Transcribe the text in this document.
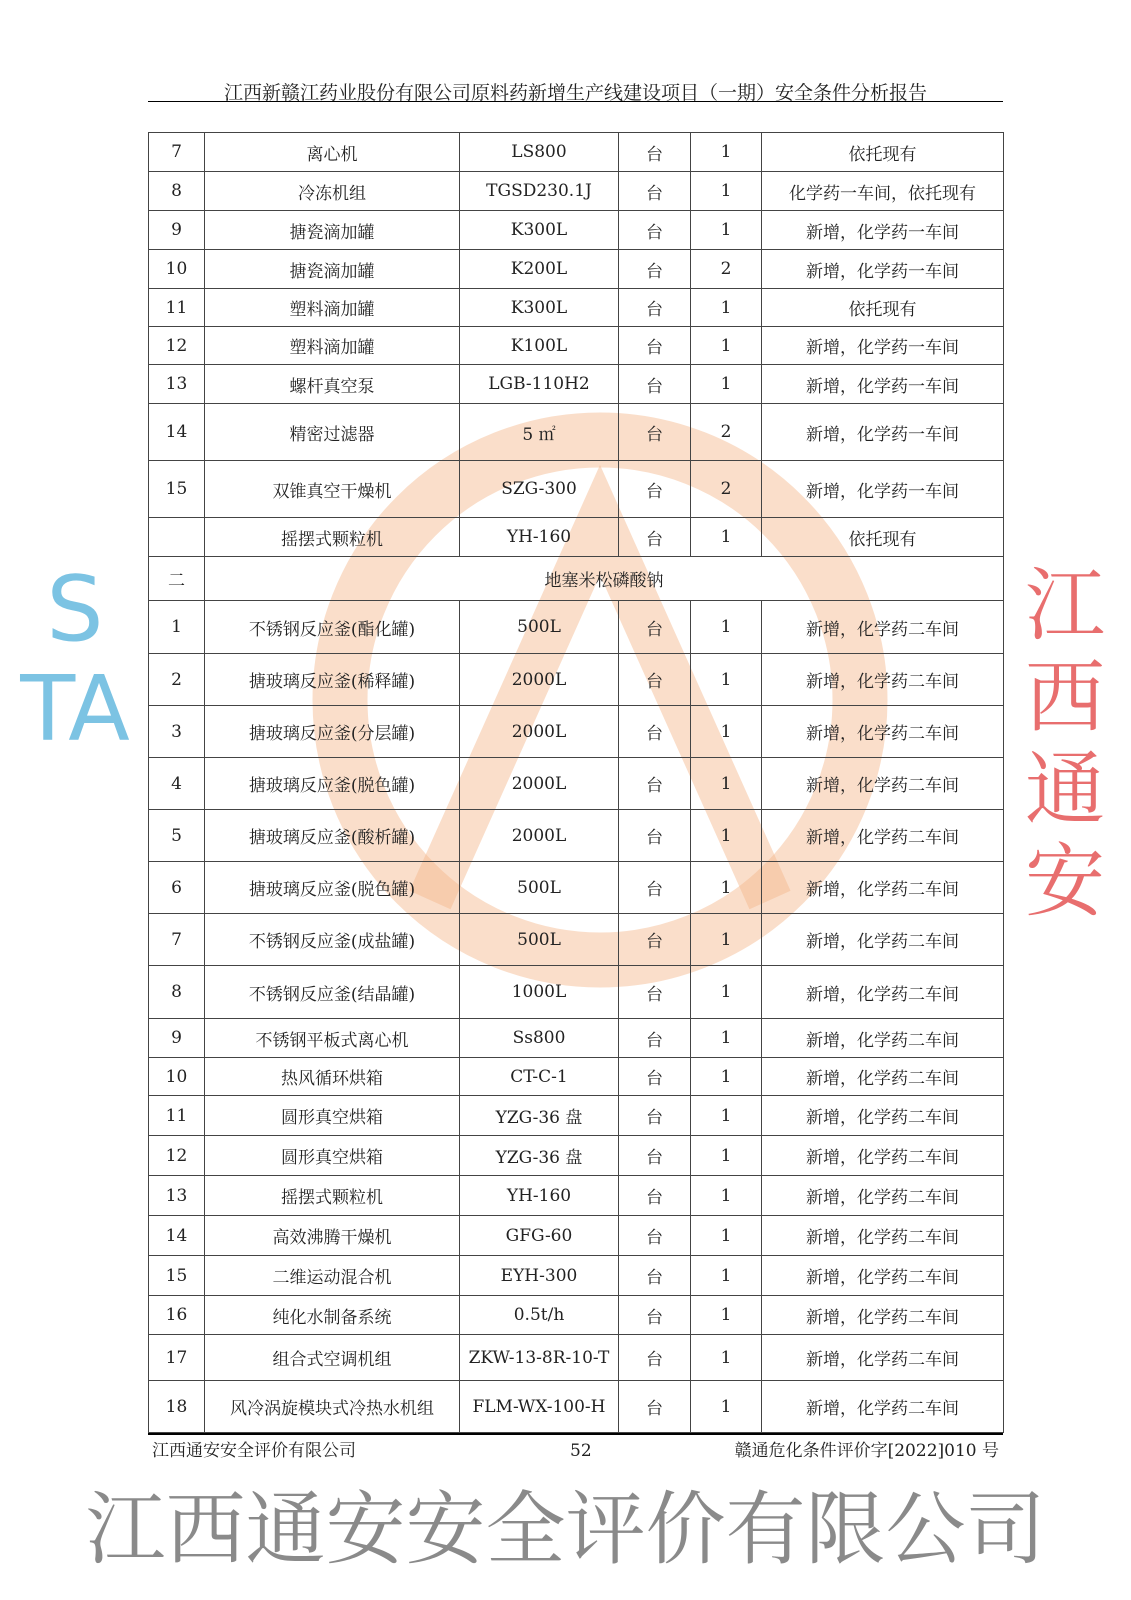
江西新赣江药业股份有限公司原料药新增生产线建设项目（一期）安全条件分析报告
7	离心机	LS800	台	1	依托现有
8	冷冻机组	TGSD230.1J	台	1	化学药一车间，依托现有
9	搪瓷滴加罐	K300L	台	1	新增，化学药一车间
10	搪瓷滴加罐	K200L	台	2	新增，化学药一车间
11	塑料滴加罐	K300L	台	1	依托现有
12	塑料滴加罐	K100L	台	1	新增，化学药一车间
13	螺杆真空泵	LGB-110H2	台	1	新增，化学药一车间
14	精密过滤器	5 ㎡	台	2	新增，化学药一车间
15	双锥真空干燥机	SZG-300	台	2	新增，化学药一车间
	摇摆式颗粒机	YH-160	台	1	依托现有
二	地塞米松磷酸钠				
1	不锈钢反应釜(酯化罐)	500L	台	1	新增，化学药二车间
2	搪玻璃反应釜(稀释罐)	2000L	台	1	新增，化学药二车间
3	搪玻璃反应釜(分层罐)	2000L	台	1	新增，化学药二车间
4	搪玻璃反应釜(脱色罐)	2000L	台	1	新增，化学药二车间
5	搪玻璃反应釜(酸析罐)	2000L	台	1	新增，化学药二车间
6	搪玻璃反应釜(脱色罐)	500L	台	1	新增，化学药二车间
7	不锈钢反应釜(成盐罐)	500L	台	1	新增，化学药二车间
8	不锈钢反应釜(结晶罐)	1000L	台	1	新增，化学药二车间
9	不锈钢平板式离心机	Ss800	台	1	新增，化学药二车间
10	热风循环烘箱	CT-C-1	台	1	新增，化学药二车间
11	圆形真空烘箱	YZG-36 盘	台	1	新增，化学药二车间
12	圆形真空烘箱	YZG-36 盘	台	1	新增，化学药二车间
13	摇摆式颗粒机	YH-160	台	1	新增，化学药二车间
14	高效沸腾干燥机	GFG-60	台	1	新增，化学药二车间
15	二维运动混合机	EYH-300	台	1	新增，化学药二车间
16	纯化水制备系统	0.5t/h	台	1	新增，化学药二车间
17	组合式空调机组	ZKW-13-8R-10-T	台	1	新增，化学药二车间
18	风冷涡旋模块式冷热水机组	FLM-WX-100-H	台	1	新增，化学药二车间
STA
江西通安
江西通安安全评价有限公司	52	赣通危化条件评价字[2022]010 号
江西通安安全评价有限公司
